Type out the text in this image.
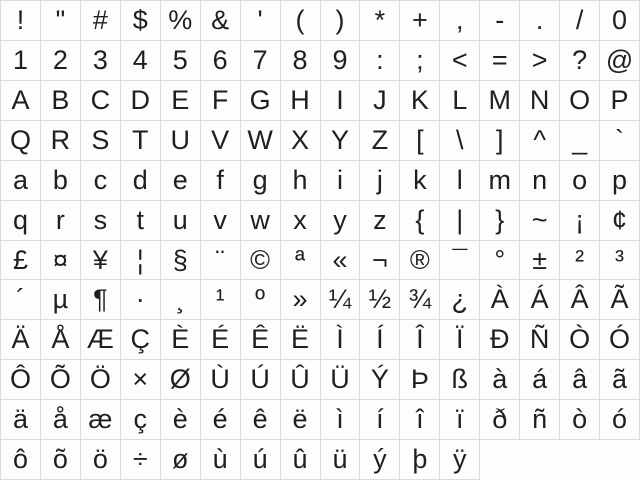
!	"	# $ % &	'	(	)	* +	,	-	.	/	0
1 2 3 4 5 6 7 8 9	:	;	< = > ? @
A B C D E F G H I	J K L M N O P
Q R S T U V W X Y Z	[	\	]	^ _	`
a b c d e	f	g h	i	j	k	l m n o p
q	r	s	t	u v w x y z	{	|	}	~	¡	¢
£ ¤ ¥	¦	§	¨ © ª	« ¬ ® ¯	°	±	²	³
´	µ ¶	·	¸	¹	º	» ¼ ½ ¾ ¿ À Á Â Ã
Ä Å Æ Ç È É Ê Ë	Ì	Í	Î	Ï Ð Ñ Ò Ó
Ô Õ Ö × Ø Ù Ú Û Ü Ý Þ ß à á â ã
ä å æ ç è é ê ë	ì	í	î	ï	ð ñ ò ó
ô õ ö ÷ ø ù ú û ü ý þ ÿ
